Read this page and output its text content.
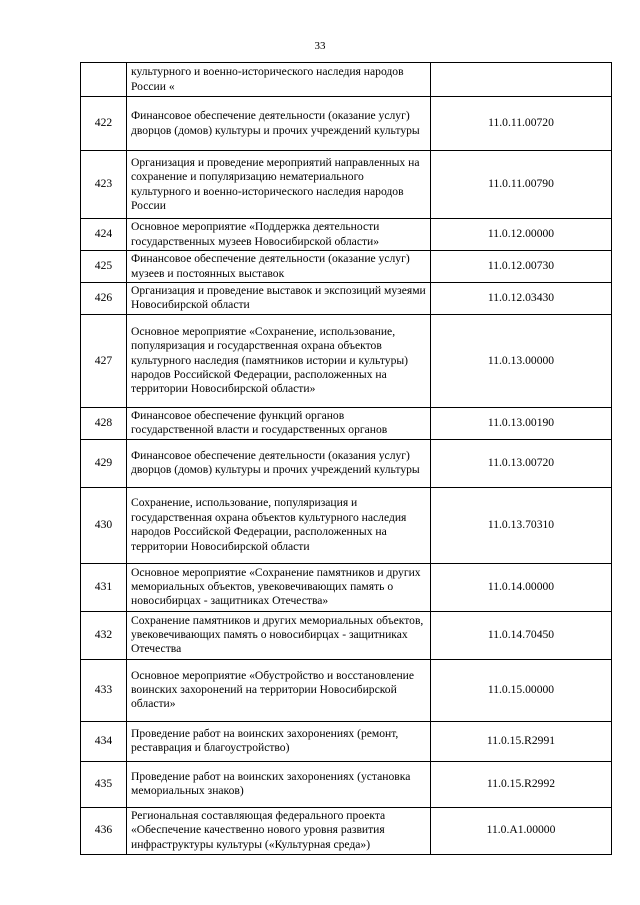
33
	культурного и военно-исторического наследия народов России «	
422	Финансовое обеспечение деятельности (оказание услуг) дворцов (домов) культуры и прочих учреждений культуры	11.0.11.00720
423	Организация и проведение мероприятий направленных на сохранение и популяризацию нематериального культурного и военно-исторического наследия народов России	11.0.11.00790
424	Основное мероприятие «Поддержка деятельности государственных музеев Новосибирской области»	11.0.12.00000
425	Финансовое обеспечение деятельности (оказание услуг) музеев и постоянных выставок	11.0.12.00730
426	Организация и проведение выставок и экспозиций музеями Новосибирской области	11.0.12.03430
427	Основное мероприятие «Сохранение, использование, популяризация и государственная охрана объектов культурного наследия (памятников истории и культуры) народов Российской Федерации, расположенных на территории Новосибирской области»	11.0.13.00000
428	Финансовое обеспечение функций органов государственной власти и государственных органов	11.0.13.00190
429	Финансовое обеспечение деятельности (оказания услуг) дворцов (домов) культуры и прочих учреждений культуры	11.0.13.00720
430	Сохранение, использование, популяризация и государственная охрана объектов культурного наследия народов Российской Федерации, расположенных на территории Новосибирской области	11.0.13.70310
431	Основное мероприятие «Сохранение памятников и других мемориальных объектов, увековечивающих память о новосибирцах - защитниках Отечества»	11.0.14.00000
432	Сохранение памятников и других мемориальных объектов, увековечивающих память о новосибирцах - защитниках Отечества	11.0.14.70450
433	Основное мероприятие «Обустройство и восстановление воинских захоронений на территории Новосибирской области»	11.0.15.00000
434	Проведение работ на воинских захоронениях (ремонт, реставрация и благоустройство)	11.0.15.R2991
435	Проведение работ на воинских захоронениях (установка мемориальных знаков)	11.0.15.R2992
436	Региональная составляющая федерального проекта «Обеспечение качественно нового уровня развития инфраструктуры культуры («Культурная среда»)	11.0.A1.00000
